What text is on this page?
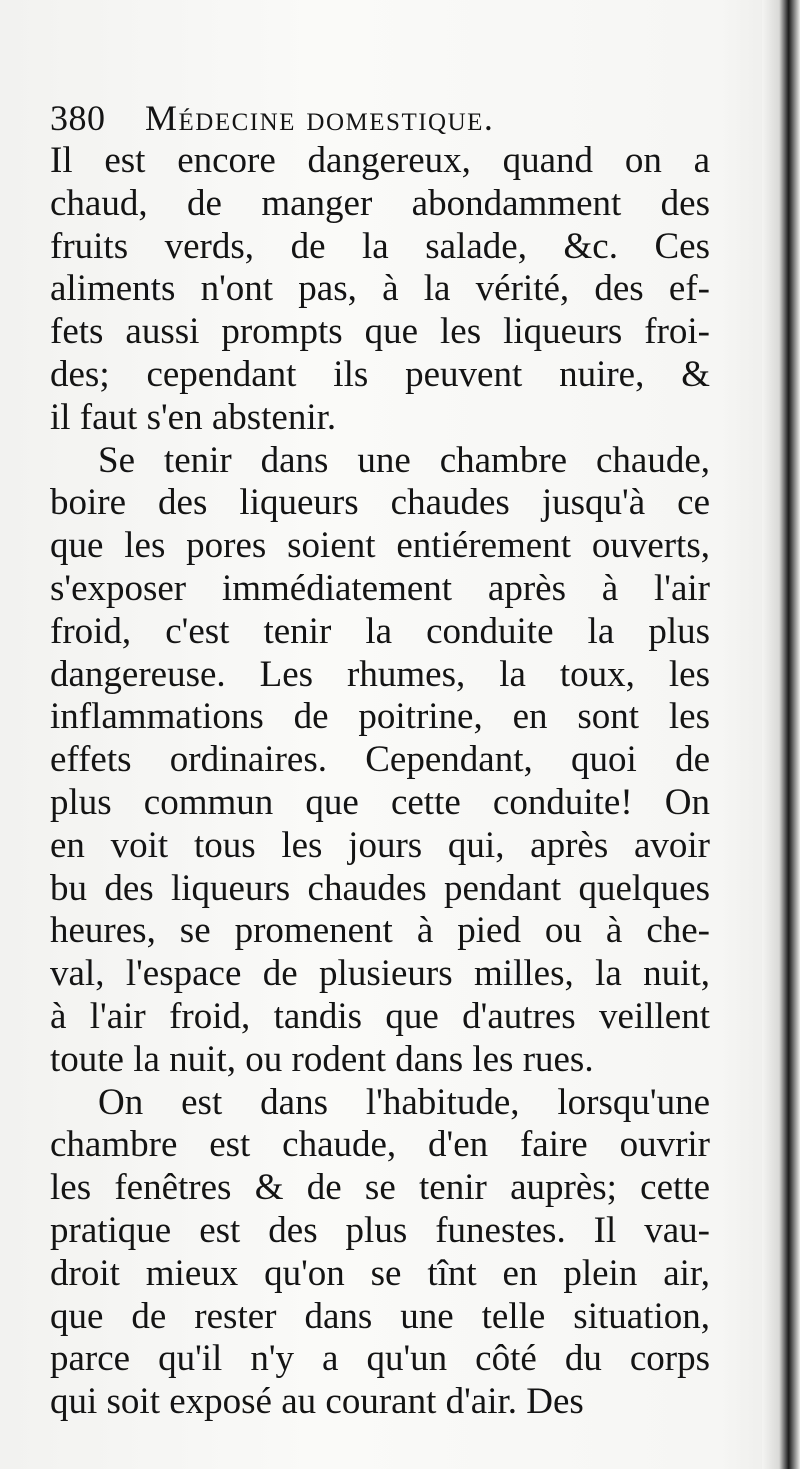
380 Médecine domestique.
Il est encore dangereux, quand on a
chaud, de manger abondamment des
fruits verds, de la salade, &c. Ces
aliments n'ont pas, à la vérité, des ef-
fets aussi prompts que les liqueurs froi-
des; cependant ils peuvent nuire, &
il faut s'en abstenir.
Se tenir dans une chambre chaude,
boire des liqueurs chaudes jusqu'à ce
que les pores soient entiérement ouverts,
s'exposer immédiatement après à l'air
froid, c'est tenir la conduite la plus
dangereuse. Les rhumes, la toux, les
inflammations de poitrine, en sont les
effets ordinaires. Cependant, quoi de
plus commun que cette conduite! On
en voit tous les jours qui, après avoir
bu des liqueurs chaudes pendant quelques
heures, se promenent à pied ou à che-
val, l'espace de plusieurs milles, la nuit,
à l'air froid, tandis que d'autres veillent
toute la nuit, ou rodent dans les rues.
On est dans l'habitude, lorsqu'une
chambre est chaude, d'en faire ouvrir
les fenêtres & de se tenir auprès; cette
pratique est des plus funestes. Il vau-
droit mieux qu'on se tînt en plein air,
que de rester dans une telle situation,
parce qu'il n'y a qu'un côté du corps
qui soit exposé au courant d'air. Des
